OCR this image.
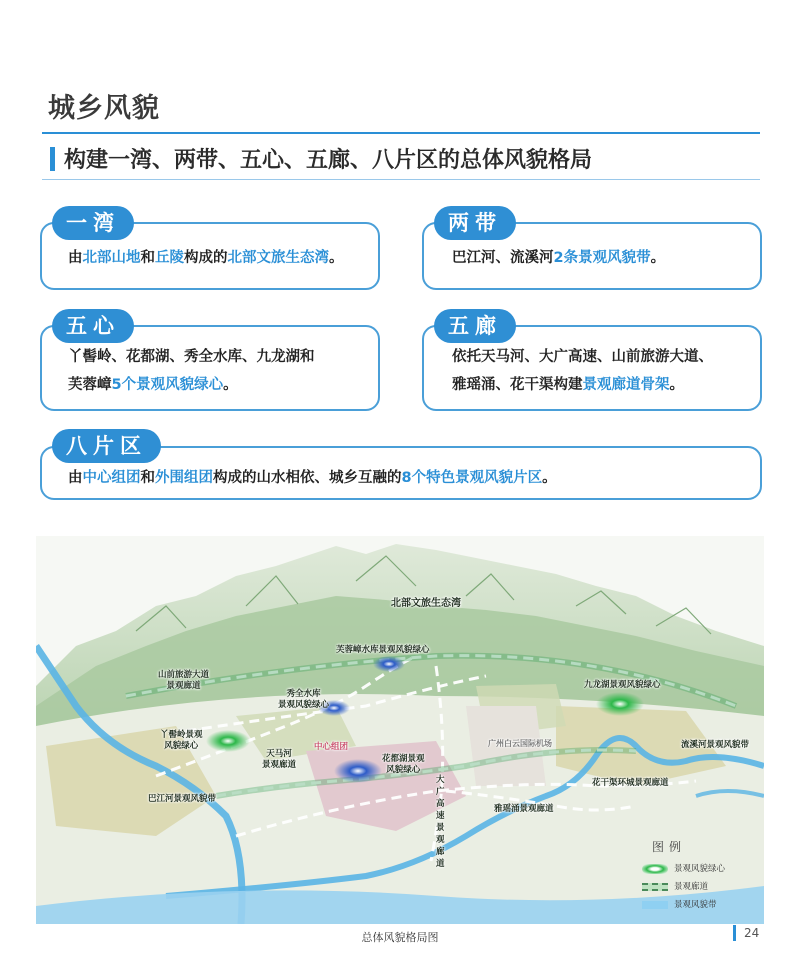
城乡风貌
构建一湾、两带、五心、五廊、八片区的总体风貌格局
一湾
由北部山地和丘陵构成的北部文旅生态湾。
两带
巴江河、流溪河2条景观风貌带。
五心
丫髻岭、花都湖、秀全水库、九龙湖和
芙蓉嶂5个景观风貌绿心。
五廊
依托天马河、大广高速、山前旅游大道、
雅瑶涌、花干渠构建景观廊道骨架。
八片区
由中心组团和外围组团构成的山水相依、城乡互融的8个特色景观风貌片区。
北部文旅生态湾
芙蓉嶂水库景观风貌绿心
山前旅游大道
景观廊道
秀全水库
景观风貌绿心
九龙湖景观风貌绿心
丫髻岭景观
风貌绿心
天马河
景观廊道
中心组团
花都湖景观
风貌绿心
大
广
高
速
景
观
廊
道
流溪河景观风貌带
花干渠环城景观廊道
巴江河景观风貌带
雅瑶涌景观廊道
广州白云国际机场
图例
景观风貌绿心
景观廊道
景观风貌带
总体风貌格局图	24
